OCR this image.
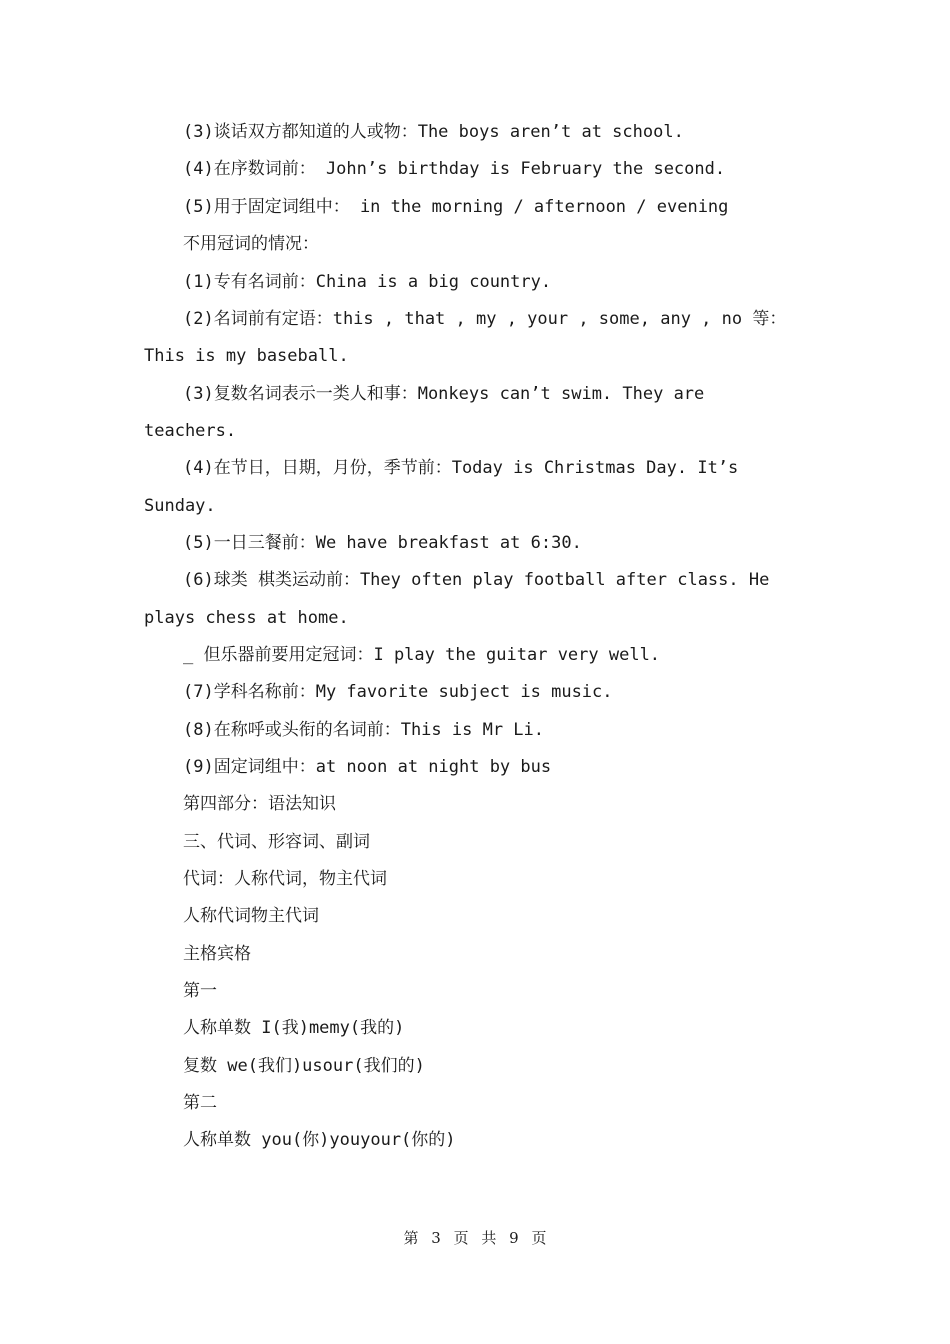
(3)谈话双方都知道的人或物：The boys aren’t at school.
(4)在序数词前： John’s birthday is February the second.
(5)用于固定词组中： in the morning / afternoon / evening
不用冠词的情况：
(1)专有名词前：China is a big country.
(2)名词前有定语：this , that , my , your , some, any , no 等：
This is my baseball.
(3)复数名词表示一类人和事：Monkeys can’t swim. They are
teachers.
(4)在节日，日期，月份，季节前：Today is Christmas Day. It’s
Sunday.
(5)一日三餐前：We have breakfast at 6:30.
(6)球类 棋类运动前：They often play football after class. He
plays chess at home.
_ 但乐器前要用定冠词：I play the guitar very well.
(7)学科名称前：My favorite subject is music.
(8)在称呼或头衔的名词前：This is Mr Li.
(9)固定词组中：at noon at night by bus
第四部分：语法知识
三、代词、形容词、副词
代词：人称代词，物主代词
人称代词物主代词
主格宾格
第一
人称单数 I(我)memy(我的)
复数 we(我们)usour(我们的)
第二
人称单数 you(你)youyour(你的)
第 3 页 共 9 页
